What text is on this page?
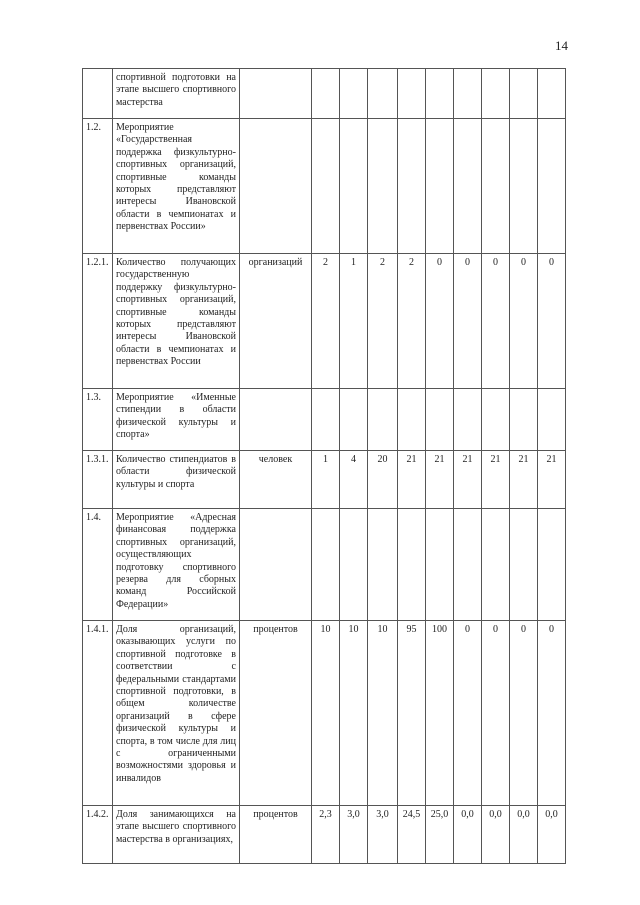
14
	спортивной подготовки на этапе высшего спортивного мастерства										
1.2.	Мероприятие «Государственная поддержка физкультурно-спортивных организаций, спортивные команды которых представляют интересы Ивановской области в чемпионатах и первенствах России»										
1.2.1.	Количество получающих государственную поддержку физкультурно-спортивных организаций, спортивные команды которых представляют интересы Ивановской области в чемпионатах и первенствах России	организаций	2	1	2	2	0	0	0	0	0
1.3.	Мероприятие «Именные стипендии в области физической культуры и спорта»										
1.3.1.	Количество стипендиатов в области физической культуры и спорта	человек	1	4	20	21	21	21	21	21	21
1.4.	Мероприятие «Адресная финансовая поддержка спортивных организаций, осуществляющих подготовку спортивного резерва для сборных команд Российской Федерации»										
1.4.1.	Доля организаций, оказывающих услуги по спортивной подготовке в соответствии с федеральными стандартами спортивной подготовки, в общем количестве организаций в сфере физической культуры и спорта, в том числе для лиц с ограниченными возможностями здоровья и инвалидов	процентов	10	10	10	95	100	0	0	0	0
1.4.2.	Доля занимающихся на этапе высшего спортивного мастерства в организациях,	процентов	2,3	3,0	3,0	24,5	25,0	0,0	0,0	0,0	0,0
